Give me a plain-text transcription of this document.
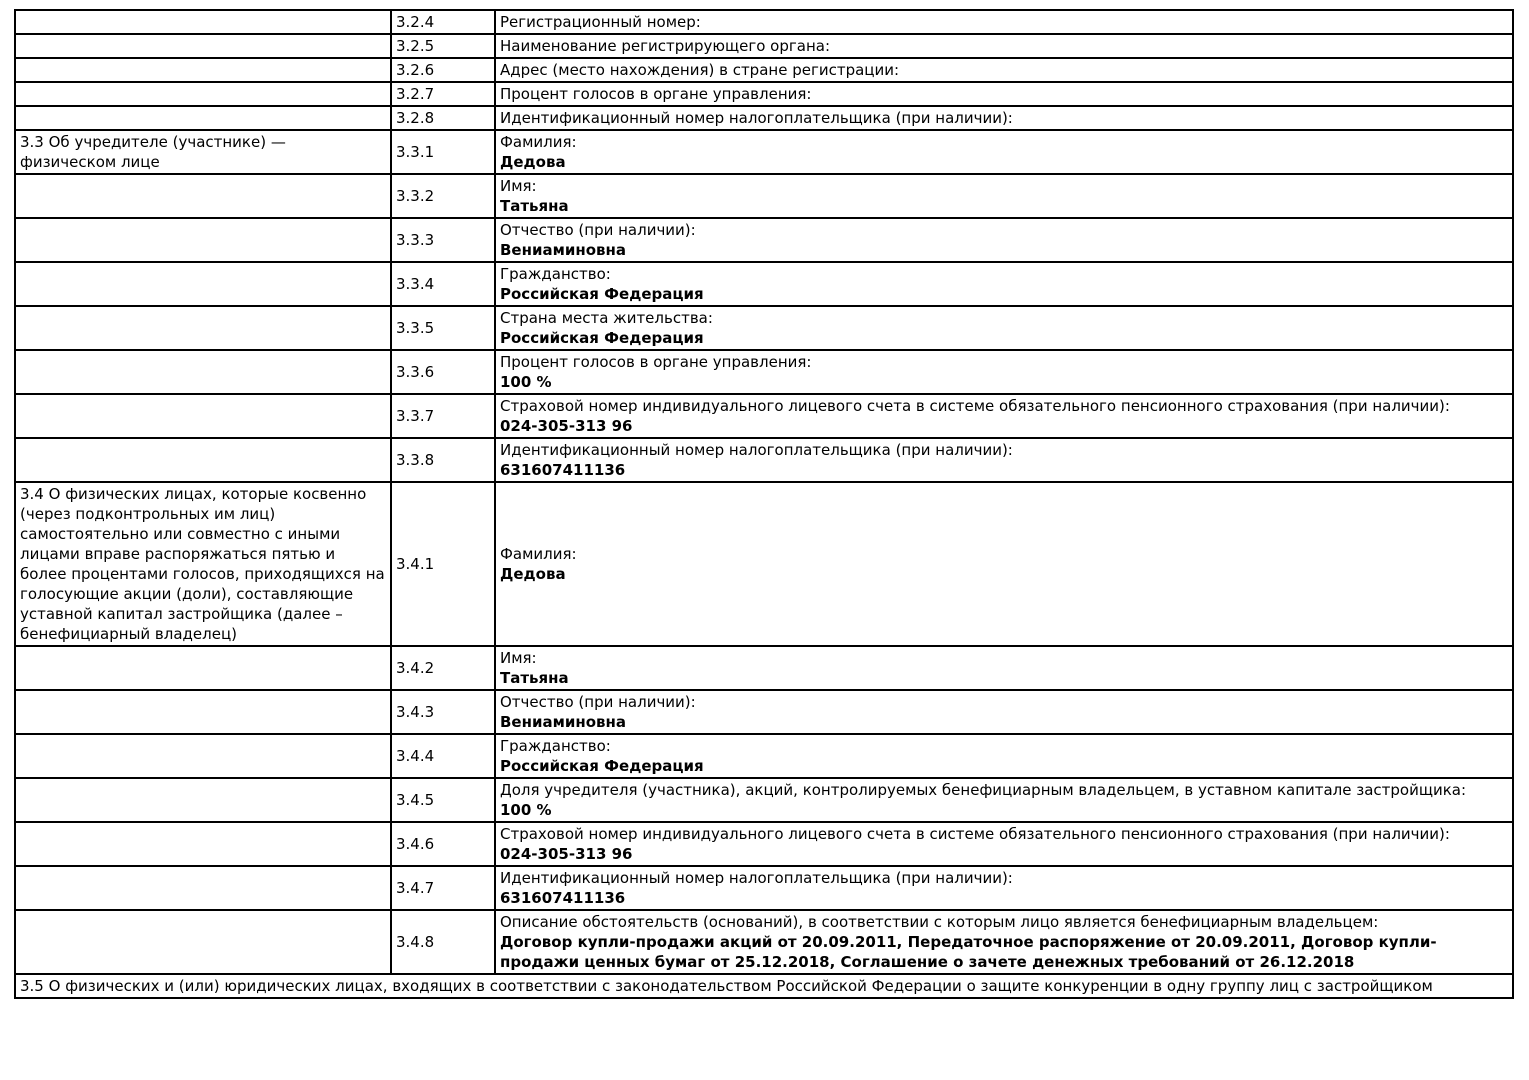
	3.2.4	Регистрационный номер:

	3.2.5	Наименование регистрирующего органа:

	3.2.6	Адрес (место нахождения) в стране регистрации:

	3.2.7	Процент голосов в органе управления:

	3.2.8	Идентификационный номер налогоплательщика (при наличии):

3.3 Об учредителе (участнике) — физическом лице	3.3.1	Фамилия:
Дедова

	3.3.2	Имя:
Татьяна

	3.3.3	Отчество (при наличии):
Вениаминовна

	3.3.4	Гражданство:
Российская Федерация

	3.3.5	Страна места жительства:
Российская Федерация

	3.3.6	Процент голосов в органе управления:
100 %

	3.3.7	Страховой номер индивидуального лицевого счета в системе обязательного пенсионного страхования (при наличии):
024-305-313 96

	3.3.8	Идентификационный номер налогоплательщика (при наличии):
631607411136

3.4 О физических лицах, которые косвенно (через подконтрольных им лиц) самостоятельно или совместно с иными лицами вправе распоряжаться пятью и более процентами голосов, приходящихся на голосующие акции (доли), составляющие уставной капитал застройщика (далее – бенефициарный владелец)	3.4.1	Фамилия:
Дедова

	3.4.2	Имя:
Татьяна

	3.4.3	Отчество (при наличии):
Вениаминовна

	3.4.4	Гражданство:
Российская Федерация

	3.4.5	Доля учредителя (участника), акций, контролируемых бенефициарным владельцем, в уставном капитале застройщика:
100 %

	3.4.6	Страховой номер индивидуального лицевого счета в системе обязательного пенсионного страхования (при наличии):
024-305-313 96

	3.4.7	Идентификационный номер налогоплательщика (при наличии):
631607411136

	3.4.8	Описание обстоятельств (оснований), в соответствии с которым лицо является бенефициарным владельцем:
Договор купли-продажи акций от 20.09.2011, Передаточное распоряжение от 20.09.2011, Договор купли-продажи ценных бумаг от 25.12.2018, Соглашение о зачете денежных требований от 26.12.2018

3.5 О физических и (или) юридических лицах, входящих в соответствии с законодательством Российской Федерации о защите конкуренции в одну группу лиц с застройщиком		
